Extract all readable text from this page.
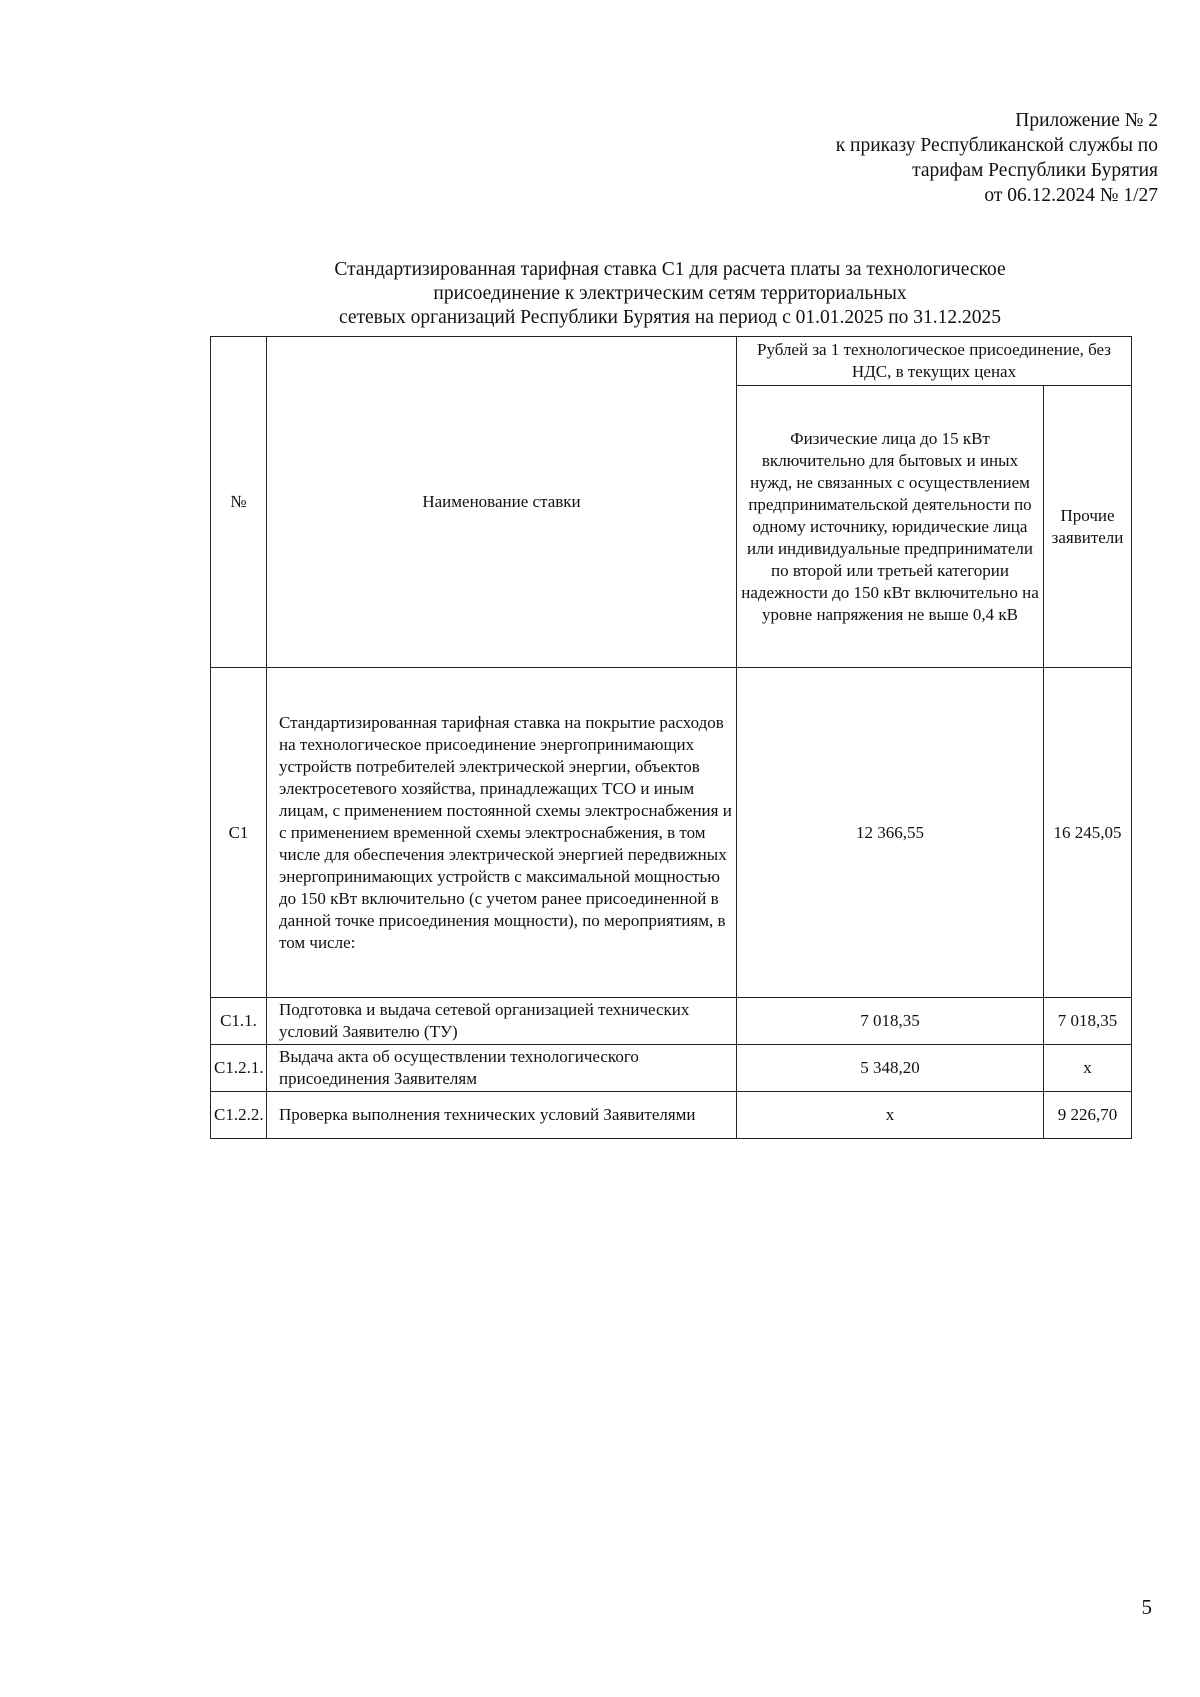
Приложение № 2
к приказу Республиканской службы по
тарифам Республики Бурятия
от 06.12.2024 № 1/27
Стандартизированная тарифная ставка С1 для расчета платы за технологическое
присоединение к электрическим сетям территориальных
сетевых организаций Республики Бурятия на период с 01.01.2025 по 31.12.2025
№	Наименование ставки	Рублей за 1 технологическое присоединение, без НДС, в текущих ценах	
		Физические лица до 15 кВт включительно для бытовых и иных нужд, не связанных с осуществлением предпринимательской деятельности по одному источнику, юридические лица или индивидуальные предприниматели по второй или третьей категории надежности до 150 кВт включительно на уровне напряжения не выше 0,4 кВ	Прочие заявители
С1	Стандартизированная тарифная ставка на покрытие расходов на технологическое присоединение энергопринимающих устройств потребителей электрической энергии, объектов электросетевого хозяйства, принадлежащих ТСО и иным лицам, с применением постоянной схемы электроснабжения и с применением временной схемы электроснабжения, в том числе для обеспечения электрической энергией передвижных энергопринимающих устройств с максимальной мощностью до 150 кВт включительно (с учетом ранее присоединенной в данной точке присоединения мощности), по мероприятиям, в том числе:	12 366,55	16 245,05
С1.1.	Подготовка и выдача сетевой организацией технических условий Заявителю (ТУ)	7 018,35	7 018,35
С1.2.1.	Выдача акта об осуществлении технологического присоединения Заявителям	5 348,20	х
С1.2.2.	Проверка выполнения технических условий Заявителями	х	9 226,70
5
